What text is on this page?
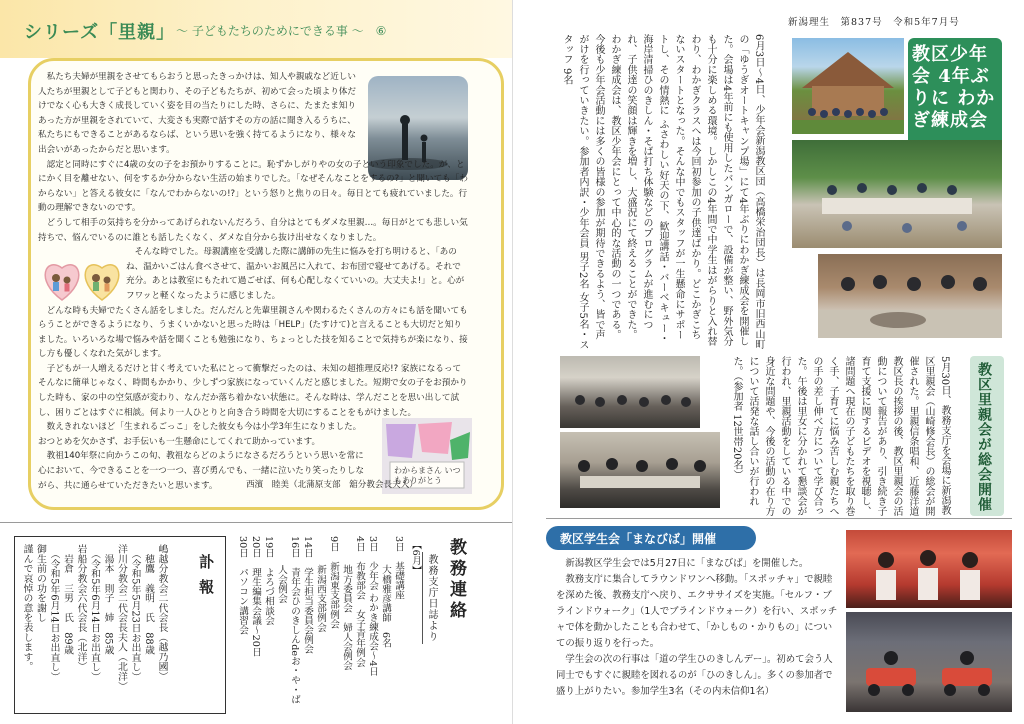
シリーズ「里親」 〜 子どもたちのためにできる事 〜　⑥

私たち夫婦が里親をさせてもらおうと思ったきっかけは、知人や親戚など近しい人たちが里親として子どもと関わり、その子どもたちが、初めて会った頃より体だけでなく心も大きく成長していく姿を目の当たりにした時、さらに、たまたま知りあった方が里親をされていて、大変さも実際で話すその方の話に聞き入るうちに、私たちにもできることがあるならば、という思いを強く持てるようになり、様々な出会いがあったからだと思います。

認定と同時にすぐに4歳の女の子をお預かりすることに。恥ずかしがりやの女の子という印象でした。が、とにかく目を離せない、何をするか分からない生活の始まりでした。「なぜそんなことをするの?」と聞いても「わからない」と答える彼女に「なんでわからないの!?」という怒りと焦りの日々。毎日とても疲れていました。行動の理解できないのです。

どうして相手の気持ちを分かってあげられないんだろう、自分はとてもダメな里親…。毎日がとても悲しい気持ちで、悩んでいるのに誰とも話したくなく、ダメな自分から抜け出せなくなりました。

そんな時でした。母親講座を受講した際に講師の先生に悩みを打ち明けると、「あのね、温かいごはん食べさせて、温かいお風呂に入れて、お布団で寝せてあげる。それで充分。あとは教室にもたれて過ごせば、何も心配しなくていいの。大丈夫よ!」と。心がフワッと軽くなったように感じました。

どんな時も夫婦でたくさん話をしました。だんだんと先輩里親さんや関わるたくさんの方々にも話を聞いてもらうことができるようになり、うまくいかないと思った時は「HELP」(たすけて)と言えることも大切だと知りました。いろいろな場で悩みや話を聞くことも勉強になり、ちょっとした技を知ることで気持ちが楽になり、接し方も優しくなれた気がします。

子どもが一人増えるだけと甘く考えていた私にとって衝撃だったのは、未知の超推理反応!? 家族になるってそんなに簡単じゃなく、時間もかかり、少しずつ家族になっていくんだと感じました。短期で女の子をお預かりした時も、家の中の空気感が変わり、なんだか落ち着かない状態に。そんな時は、学んだことを思い出して試し、困りごとはすぐに相談。何より一人ひとりと向き合う時間を大切にすることをもがけました。

数えきれないほど「生まれるごっこ」をした彼女も今は小学3年生になりました。おつとめを欠かさず、お手伝いも一生懸命にしてくれて助かっています。

教祖140年祭に向かうこの旬、教祖ならどのようになさるだろうという思いを常に心において、今できることを一つ一つ、喜び勇んでも、一緒に泣いたり笑ったりしながら、共に通らせていただきたいと思います。

わからまさん いつもありがとう
西濱　睦美（北蒲原支部　舘分教会長夫人）
教務連絡
教務支庁日誌より
【6月】
3日　基礎講座
　　　大橋雅彦講師　6名
3日　少年会 わかき練成会〜4日
4日　布教部会　女子青年例会
　　　地方委員会　婦人会例会
9日　新潟東支部例会
　　　新潟西支部例会
14日　学生担当委員会例会
16日　青年会ひのきしんdeお・や・ば
　　　人会例会
19日　よろづ相談会
20日　理生編集会議〜20日
30日　パソコン講習会
訃報
嶋越分教会二代会長（越乃國）
　穂鷹　義明　氏　88歳
　（令和5年5月23日お出直し）
洋川分教会二代会長夫人（北洋）
　湯本　則子　姉　85歳
　（令和5年6月14日お出直し）
岩船分教会六代会長（北洋）
　岩倉　三男　氏　89歳
　（令和5年6月14日お出直し）
御生前の功を謝し
謹んで哀悼の意を表します。
新潟理生　第837号　令和5年7月号
教区少年会 4年ぶりに わかぎ練成会
6月3日〜4日、少年会新潟教区団（高橋栄治団長）は長岡市旧西山町の「ゆうぎオートキャンプ場」にて4年ぶりにわかぎ練成会を開催した。会場は4年前にも使用したバンガローで、設備が整い、野外気分も十分に楽しめる環境。しかしこの4年間で中学生はがらりと入れ替わり、わかぎクラスへは今回初参加の子供達ばかり。どこかぎこちないスタートとなった。そんな中でもスタッフが一生懸命にサポートし、その情熱に ふさわしい好天の下、歓迎講話・バーベキュー・海岸清掃ひのきしん・そば打ち体験などのプログラムが進むにつれ、子供達の笑顔は輝きを増し、大盛況にて終えることができた。わかぎ練成会は、教区少年会にとって中心的な活動の一つである。今後も少年会活動には多くの皆様の参加が期待できるよう、皆で声がけを行っていきたい。参加者内訳・少年会員 男子2名 女子5名・スタッフ 9名
教区里親会が総会開催
5月30日、教務支庁を会場に新潟教区里親会（山崎修会長）の総会が開催された。里親信条唱和、近藤洋道教区長の挨拶の後、教区里親会の活動について報告があり、引き続き子育て支援に関するビデオを視聴し、諸問題へ現在の子どもたちを取り巻く手、子育てに悩み苦しむ親たちへの手の差し伸べ方について学び合った。午後は里女に分かれて懇談会が行われ、里親活動をしている中での身近な問題や、今後の活動の在り方について活発な話し合いが行われた。（参加者 12世帯20名）
教区学生会「まなびば」開催

新潟教区学生会では5月27日に「まなびば」を開催した。

教務支庁に集合してラウンドワンへ移動。「スポッチャ」で親睦を深めた後、教務支庁へ戻り、エクササイズを実施。「セルフ・ブラインドウォーク」（1人でブラインドウォーク）を行い、スポッチャで体を動かしたことも合わせて、「かしもの・かりもの」についての振り返りを行った。

学生会の次の行事は「道の学生ひのきしんデー」。初めて会う人同士でもすぐに親睦を図れるのが「ひのきしん」。多くの参加者で盛り上がりたい。参加学生3名（その内未信仰1名）
